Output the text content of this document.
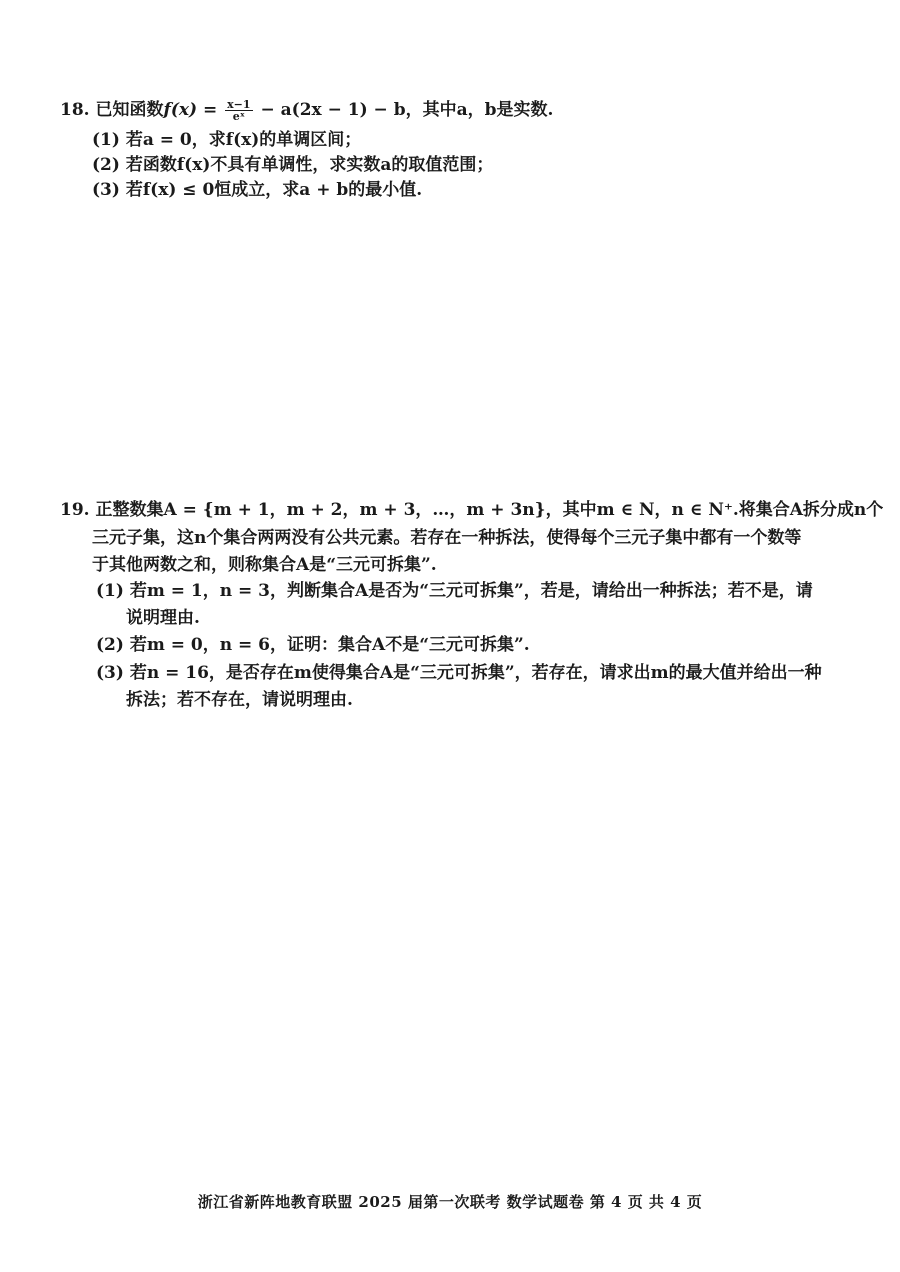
18. 已知函数$f(x) = \frac{x-1}{\text{eˣ}} - a(2x - 1) - b$，其中a，b是实数.
(1) 若a = 0，求f(x)的单调区间；
(2) 若函数f(x)不具有单调性，求实数a的取值范围；
(3) 若f(x) ≤ 0恒成立，求a + b的最小值.
19. 正整数集A = {m + 1，m + 2，m + 3，…，m + 3n}，其中m ∈ N，n ∈ N⁺.将集合A拆分成n个
三元子集，这n个集合两两没有公共元素。若存在一种拆法，使得每个三元子集中都有一个数等
于其他两数之和，则称集合A是“三元可拆集”.
(1) 若m = 1，n = 3，判断集合A是否为“三元可拆集”，若是，请给出一种拆法；若不是，请
说明理由.
(2) 若m = 0，n = 6，证明：集合A不是“三元可拆集”.
(3) 若n = 16，是否存在m使得集合A是“三元可拆集”，若存在，请求出m的最大值并给出一种
拆法；若不存在，请说明理由.
浙江省新阵地教育联盟 2025 届第一次联考 数学试题卷 第 4 页 共 4 页
